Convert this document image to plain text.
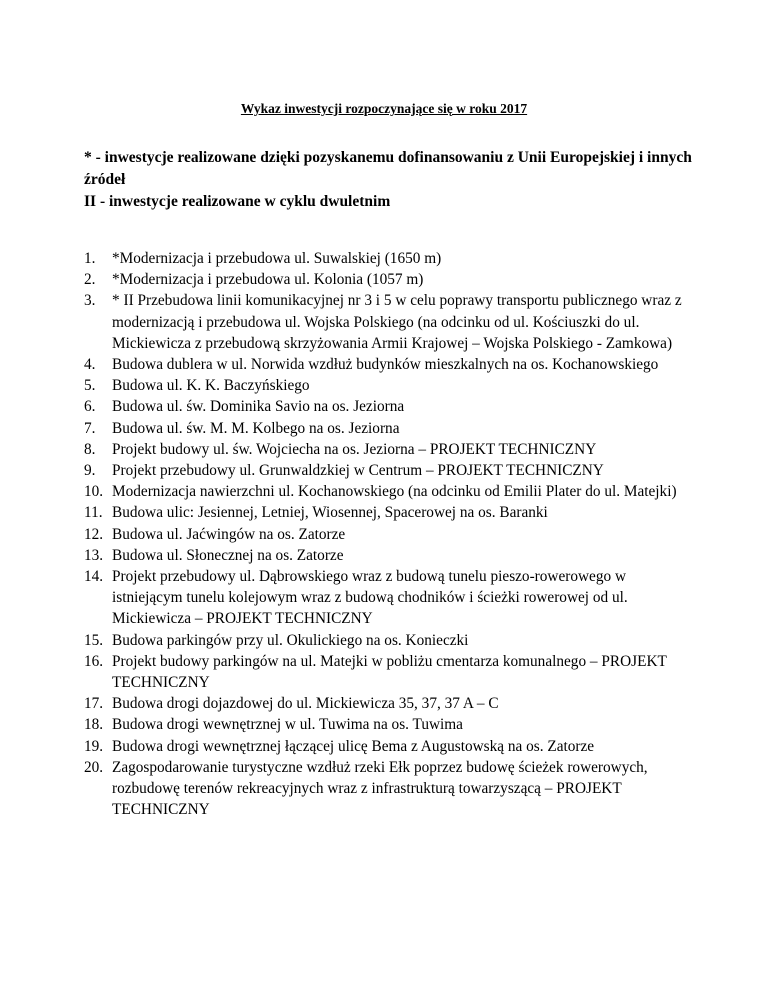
Wykaz inwestycji rozpoczynające się w roku 2017
* - inwestycje realizowane dzięki pozyskanemu dofinansowaniu z Unii Europejskiej i innych źródeł
II - inwestycje realizowane w cyklu dwuletnim
1.	*Modernizacja i przebudowa ul. Suwalskiej (1650 m)
2.	*Modernizacja i przebudowa ul. Kolonia (1057 m)
3.	* II Przebudowa linii komunikacyjnej nr 3 i 5 w celu poprawy transportu publicznego wraz z modernizacją i przebudowa ul. Wojska Polskiego (na odcinku od ul. Kościuszki do ul. Mickiewicza z przebudową skrzyżowania Armii Krajowej – Wojska Polskiego - Zamkowa)
4.	Budowa dublera w ul. Norwida wzdłuż budynków mieszkalnych na os. Kochanowskiego
5.	Budowa ul. K. K. Baczyńskiego
6.	Budowa ul. św. Dominika Savio na os. Jeziorna
7.	Budowa ul. św. M. M. Kolbego na os. Jeziorna
8.	Projekt budowy ul. św. Wojciecha na os. Jeziorna – PROJEKT TECHNICZNY
9.	Projekt przebudowy ul. Grunwaldzkiej w Centrum – PROJEKT TECHNICZNY
10. Modernizacja nawierzchni ul. Kochanowskiego (na odcinku od Emilii Plater do ul. Matejki)
11. Budowa ulic: Jesiennej, Letniej, Wiosennej, Spacerowej na os. Baranki
12. Budowa ul. Jaćwingów na os. Zatorze
13. Budowa ul. Słonecznej na os. Zatorze
14. Projekt przebudowy ul. Dąbrowskiego wraz z budową tunelu pieszo-rowerowego w istniejącym tunelu kolejowym wraz z budową chodników i ścieżki rowerowej od ul. Mickiewicza – PROJEKT TECHNICZNY
15. Budowa parkingów przy ul. Okulickiego na os. Konieczki
16. Projekt budowy parkingów na ul. Matejki w pobliżu cmentarza komunalnego – PROJEKT TECHNICZNY
17. Budowa drogi dojazdowej do ul. Mickiewicza 35, 37, 37 A – C
18. Budowa drogi wewnętrznej w ul. Tuwima na os. Tuwima
19. Budowa drogi wewnętrznej łączącej ulicę Bema z Augustowską na os. Zatorze
20. Zagospodarowanie turystyczne wzdłuż rzeki Ełk poprzez budowę ścieżek rowerowych, rozbudowę terenów rekreacyjnych wraz z infrastrukturą towarzyszącą – PROJEKT TECHNICZNY
